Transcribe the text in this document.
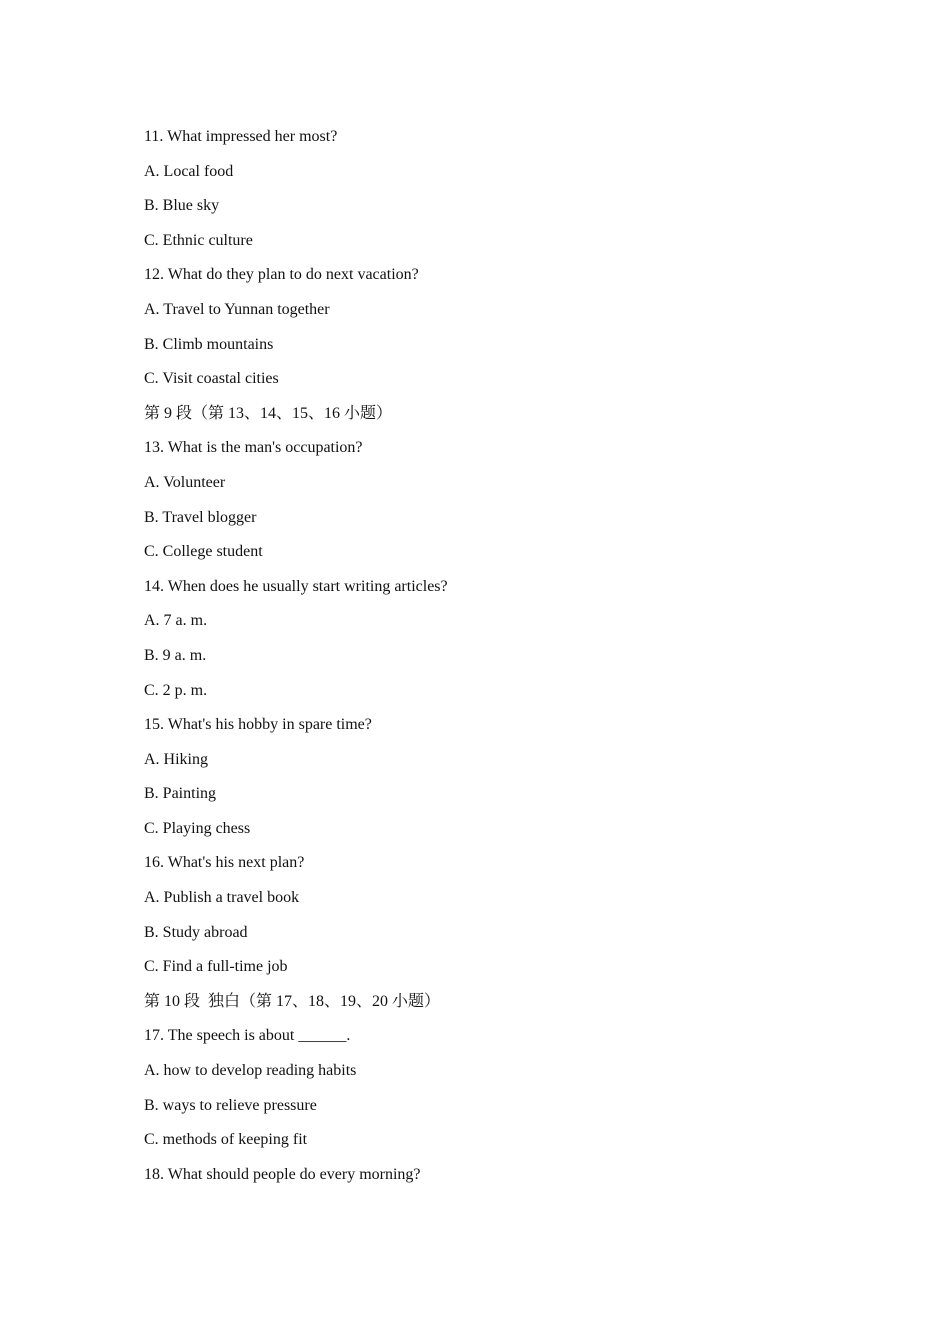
11. What impressed her most?
A. Local food
B. Blue sky
C. Ethnic culture
12. What do they plan to do next vacation?
A. Travel to Yunnan together
B. Climb mountains
C. Visit coastal cities
第 9 段（第 13、14、15、16 小题）
13. What is the man's occupation?
A. Volunteer
B. Travel blogger
C. College student
14. When does he usually start writing articles?
A. 7 a. m.
B. 9 a. m.
C. 2 p. m.
15. What's his hobby in spare time?
A. Hiking
B. Painting
C. Playing chess
16. What's his next plan?
A. Publish a travel book
B. Study abroad
C. Find a full-time job
第 10 段  独白（第 17、18、19、20 小题）
17. The speech is about ______.
A. how to develop reading habits
B. ways to relieve pressure
C. methods of keeping fit
18. What should people do every morning?
